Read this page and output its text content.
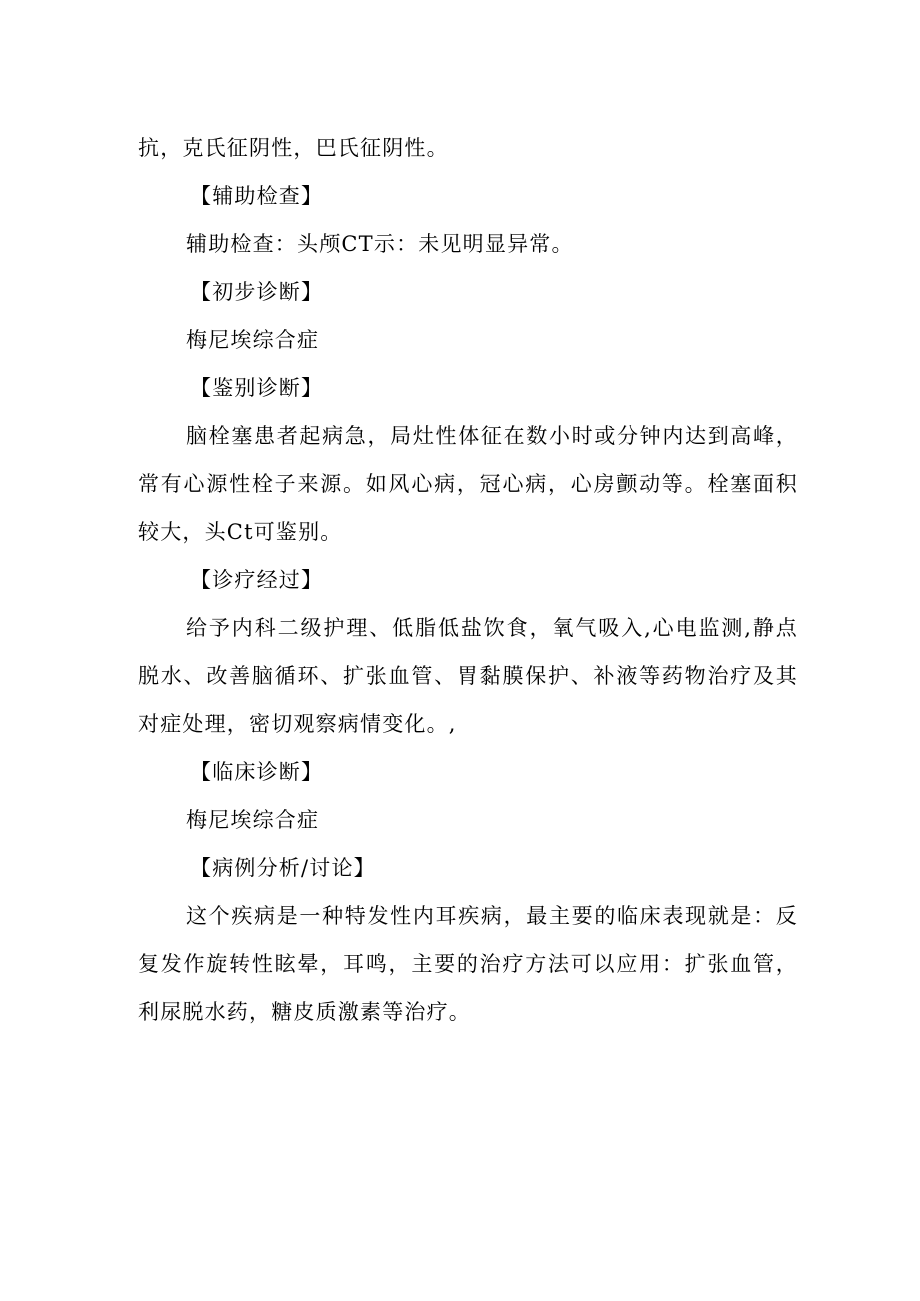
抗，克氏征阴性，巴氏征阴性。
【辅助检查】
辅助检查：头颅CT示：未见明显异常。
【初步诊断】
梅尼埃综合症
【鉴别诊断】

脑栓塞患者起病急，局灶性体征在数小时或分钟内达到高峰，常有心源性栓子来源。如风心病，冠心病，心房颤动等。栓塞面积较大，头Ct可鉴别。

【诊疗经过】

给予内科二级护理、低脂低盐饮食，氧气吸入,心电监测,静点脱水、改善脑循环、扩张血管、胃黏膜保护、补液等药物治疗及其对症处理，密切观察病情变化。,

【临床诊断】
梅尼埃综合症
【病例分析/讨论】

这个疾病是一种特发性内耳疾病，最主要的临床表现就是：反复发作旋转性眩晕，耳鸣，主要的治疗方法可以应用：扩张血管，利尿脱水药，糖皮质激素等治疗。
